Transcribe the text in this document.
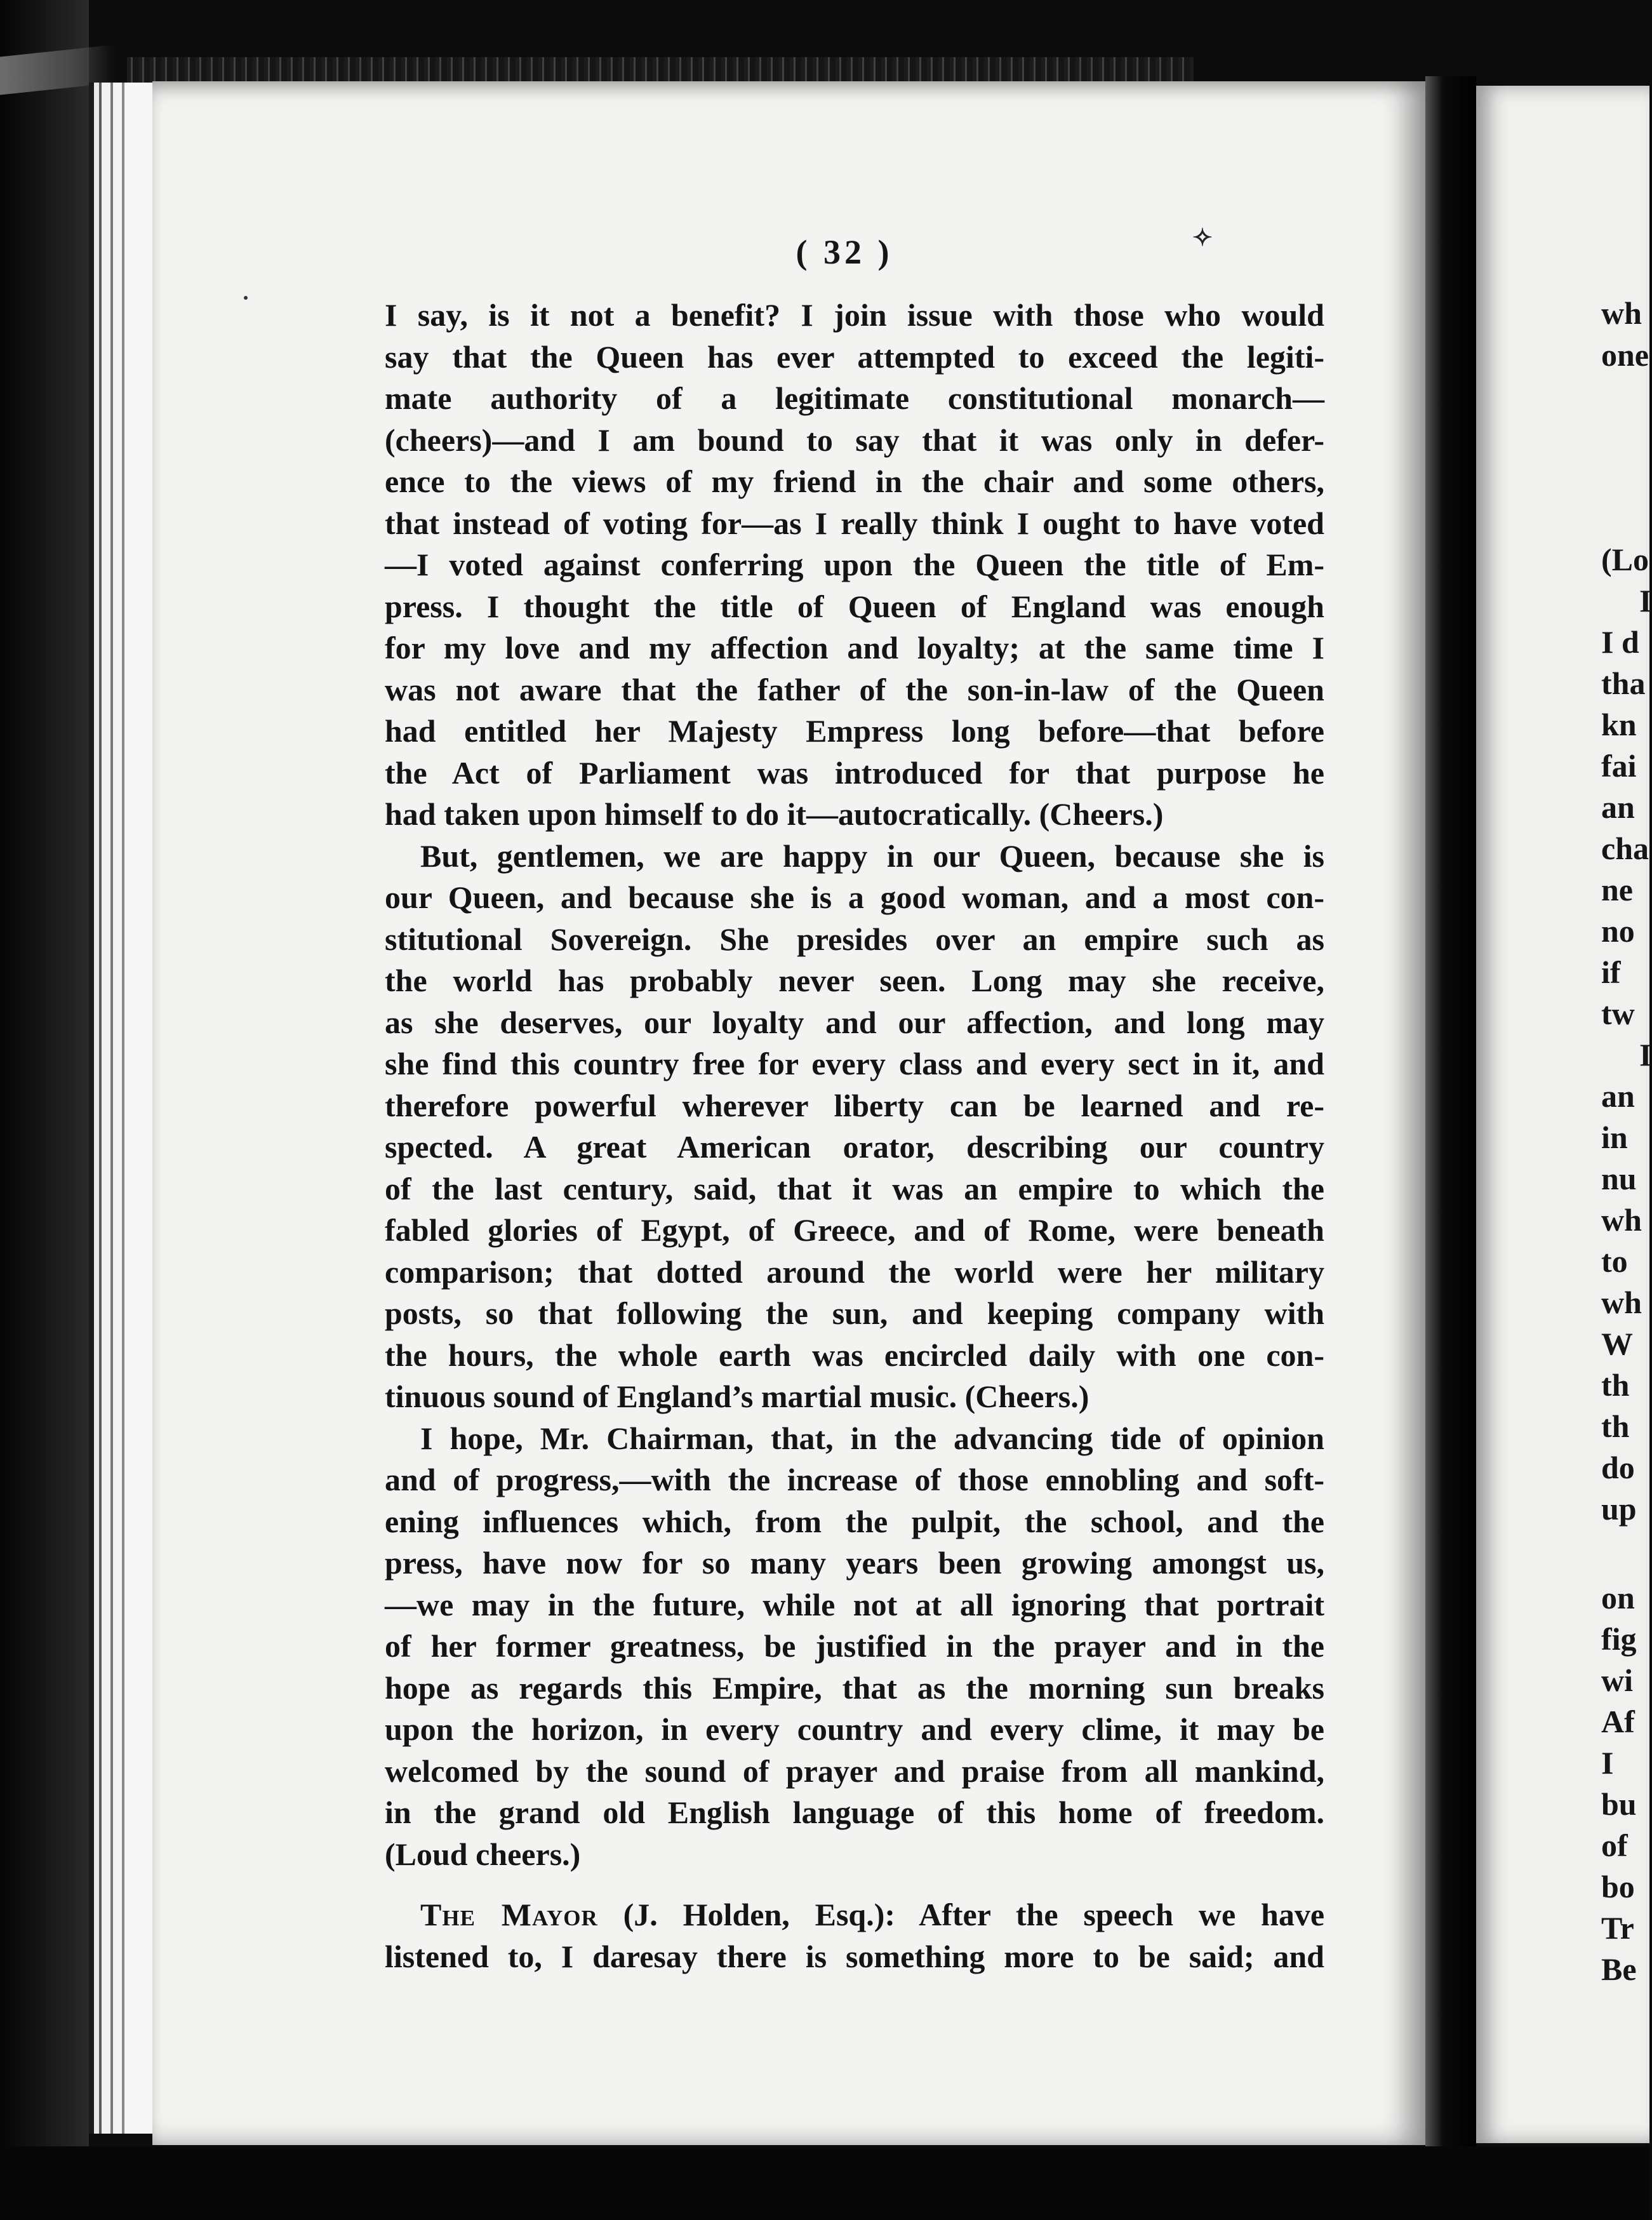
( 32 )	✧

I say, is it not a benefit? I join issue with those who would
say that the Queen has ever attempted to exceed the legiti-
mate authority of a legitimate constitutional monarch—
(cheers)—and I am bound to say that it was only in defer-
ence to the views of my friend in the chair and some others,
that instead of voting for—as I really think I ought to have voted
—I voted against conferring upon the Queen the title of Em-
press. I thought the title of Queen of England was enough
for my love and my affection and loyalty; at the same time I
was not aware that the father of the son-in-law of the Queen
had entitled her Majesty Empress long before—that before
the Act of Parliament was introduced for that purpose he
had taken upon himself to do it—autocratically. (Cheers.)

But, gentlemen, we are happy in our Queen, because she is
our Queen, and because she is a good woman, and a most con-
stitutional Sovereign. She presides over an empire such as
the world has probably never seen. Long may she receive,
as she deserves, our loyalty and our affection, and long may
she find this country free for every class and every sect in it, and
therefore powerful wherever liberty can be learned and re-
spected. A great American orator, describing our country
of the last century, said, that it was an empire to which the
fabled glories of Egypt, of Greece, and of Rome, were beneath
comparison; that dotted around the world were her military
posts, so that following the sun, and keeping company with
the hours, the whole earth was encircled daily with one con-
tinuous sound of England’s martial music. (Cheers.)

I hope, Mr. Chairman, that, in the advancing tide of opinion
and of progress,—with the increase of those ennobling and soft-
ening influences which, from the pulpit, the school, and the
press, have now for so many years been growing amongst us,
—we may in the future, while not at all ignoring that portrait
of her former greatness, be justified in the prayer and in the
hope as regards this Empire, that as the morning sun breaks
upon the horizon, in every country and every clime, it may be
welcomed by the sound of prayer and praise from all mankind,
in the grand old English language of this home of freedom.
(Loud cheers.)

The Mayor (J. Holden, Esq.): After the speech we have
listened to, I daresay there is something more to be said; and

wh
one
(Lo
I
I d
tha
kn
fai
an
cha
ne
no
if
tw
I
an
in
nu
wh
to
wh
W
th
th
do
up
on
fig
wi
Af
I
bu
of
bo
Tr
Be
